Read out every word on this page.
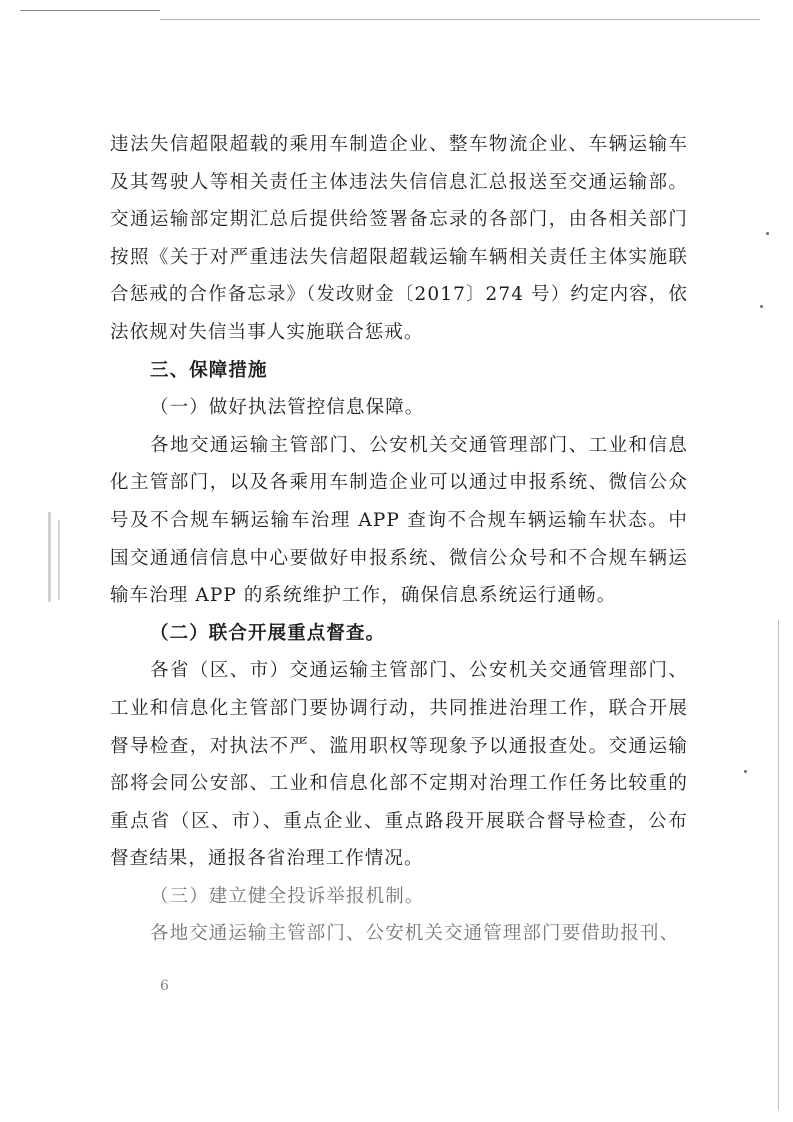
违法失信超限超载的乘用车制造企业、整车物流企业、车辆运输车及其驾驶人等相关责任主体违法失信信息汇总报送至交通运输部。交通运输部定期汇总后提供给签署备忘录的各部门，由各相关部门按照《关于对严重违法失信超限超载运输车辆相关责任主体实施联合惩戒的合作备忘录》（发改财金〔2017〕274 号）约定内容，依法依规对失信当事人实施联合惩戒。

三、保障措施

（一）做好执法管控信息保障。

各地交通运输主管部门、公安机关交通管理部门、工业和信息化主管部门，以及各乘用车制造企业可以通过申报系统、微信公众号及不合规车辆运输车治理 APP 查询不合规车辆运输车状态。中国交通通信信息中心要做好申报系统、微信公众号和不合规车辆运输车治理 APP 的系统维护工作，确保信息系统运行通畅。

（二）联合开展重点督查。

各省（区、市）交通运输主管部门、公安机关交通管理部门、工业和信息化主管部门要协调行动，共同推进治理工作，联合开展督导检查，对执法不严、滥用职权等现象予以通报查处。交通运输部将会同公安部、工业和信息化部不定期对治理工作任务比较重的重点省（区、市）、重点企业、重点路段开展联合督导检查，公布督查结果，通报各省治理工作情况。

（三）建立健全投诉举报机制。

各地交通运输主管部门、公安机关交通管理部门要借助报刊、

6
